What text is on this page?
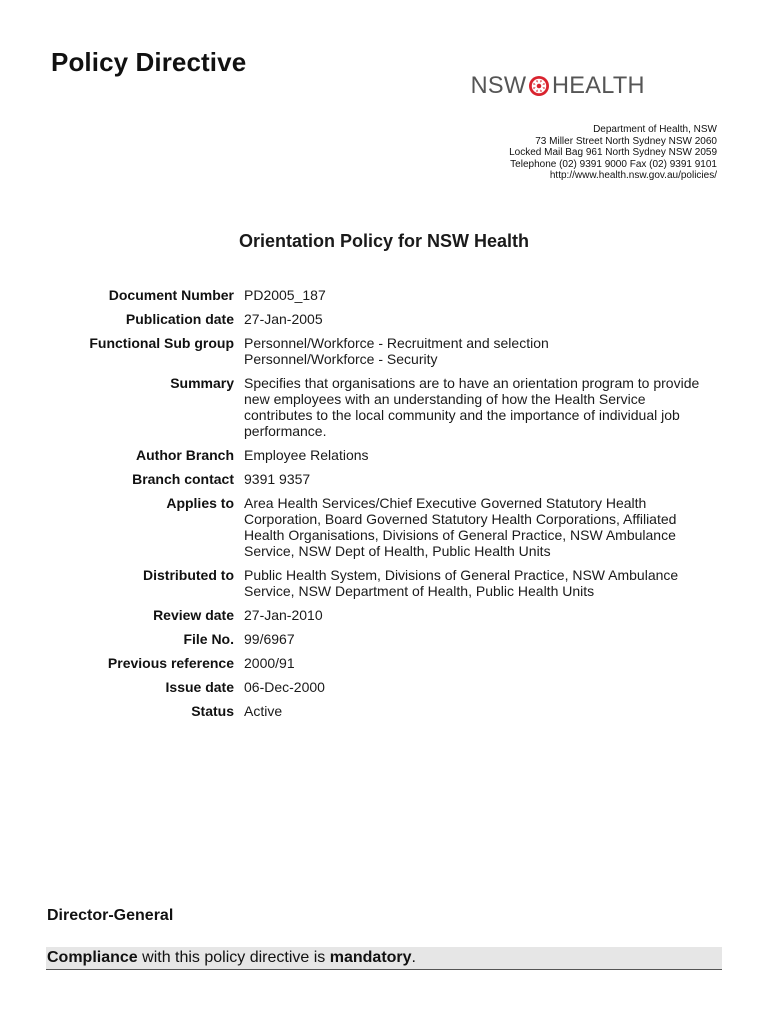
Policy Directive
NSW HEALTH
Department of Health, NSW
73 Miller Street North Sydney NSW 2060
Locked Mail Bag 961 North Sydney NSW 2059
Telephone (02) 9391 9000 Fax (02) 9391 9101
http://www.health.nsw.gov.au/policies/
Orientation Policy for NSW Health
Document Number PD2005_187
Publication date 27-Jan-2005
Functional Sub group Personnel/Workforce - Recruitment and selection
Personnel/Workforce - Security
Summary Specifies that organisations are to have an orientation program to provide
new employees with an understanding of how the Health Service
contributes to the local community and the importance of individual job
performance.
Author Branch Employee Relations
Branch contact 9391 9357
Applies to Area Health Services/Chief Executive Governed Statutory Health
Corporation, Board Governed Statutory Health Corporations, Affiliated
Health Organisations, Divisions of General Practice, NSW Ambulance
Service, NSW Dept of Health, Public Health Units
Distributed to Public Health System, Divisions of General Practice, NSW Ambulance
Service, NSW Department of Health, Public Health Units
Review date 27-Jan-2010
File No. 99/6967
Previous reference 2000/91
Issue date 06-Dec-2000
Status Active
Director-General
Compliance with this policy directive is mandatory.
